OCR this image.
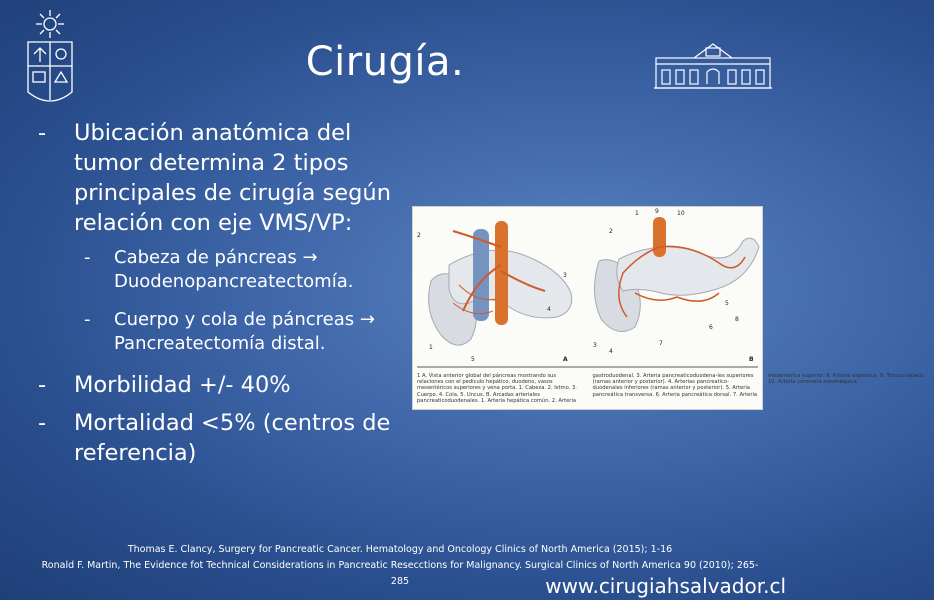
Cirugía.
- Ubicación anatómica del tumor determina 2 tipos principales de cirugía según relación con eje VMS/VP:
- Cabeza de páncreas → Duodenopancreatectomía.
- Cuerpo y cola de páncreas → Pancreatectomía distal.
- Morbilidad +/- 40%
- Mortalidad <5% (centros de referencia)
2
3
4
1
5	A
2
1	9	10
5
6
8
3
4
7
B
1 A. Vista anterior global del páncreas mostrando sus relaciones con el pedículo hepático, duodeno, vasos mesentéricos superiores y vena porta. 1. Cabeza. 2. Istmo. 3. Cuerpo. 4. Cola. 5. Uncus. B. Arcadas arteriales pancreaticoduodenales. 1. Arteria hepática común. 2. Arteria gastroduodenal. 3. Arteria pancreaticoduodena-les superiores (ramas anterior y posterior). 4. Arterias pancreatico-duodenales inferiores (ramas anterior y posterior). 5. Arteria pancreática transversa. 6. Arteria pancreática dorsal. 7. Arteria mesentérica superior. 8. Arteria esplénica. 9. Tronco celíaco. 10. Arteria coronaria estomáquica.
Thomas E. Clancy, Surgery for Pancreatic Cancer. Hematology and Oncology Clinics of North America (2015); 1-16
Ronald F. Martin, The Evidence fot Technical Considerations in Pancreatic Resecctions for Malignancy. Surgical Clinics of North America 90 (2010); 265-285	www.cirugiahsalvador.cl
